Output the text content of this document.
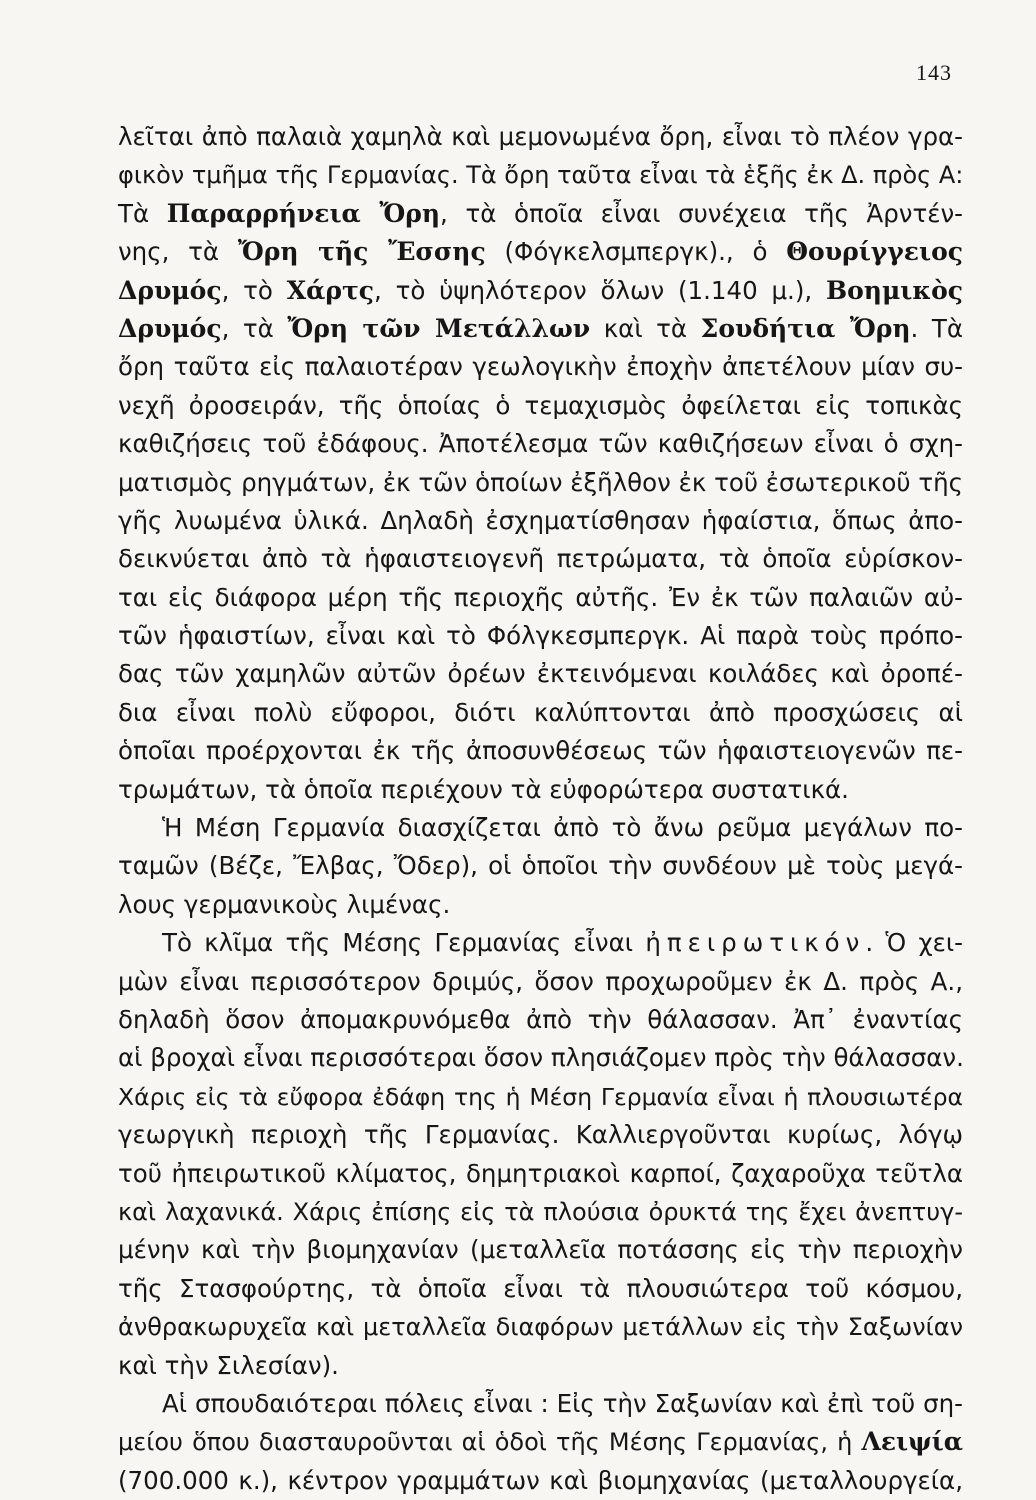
143
λεῖται ἀπὸ παλαιὰ χαμηλὰ καὶ μεμονωμένα ὄρη, εἶναι τὸ πλέον γρα-
φικὸν τμῆμα τῆς Γερμανίας. Τὰ ὄρη ταῦτα εἶναι τὰ ἑξῆς ἐκ Δ. πρὸς Α:
Τὰ Παραρρήνεια Ὄρη, τὰ ὁποῖα εἶναι συνέχεια τῆς Ἀρντέν-
νης, τὰ Ὄρη τῆς Ἔσσης (Φόγκελσμπεργκ)., ὁ Θουρίγγειος
Δρυμός, τὸ Χάρτς, τὸ ὑψηλότερον ὅλων (1.140 μ.), Βοημικὸς
Δρυμός, τὰ Ὄρη τῶν Μετάλλων καὶ τὰ Σουδήτια Ὄρη. Τὰ
ὄρη ταῦτα εἰς παλαιοτέραν γεωλογικὴν ἐποχὴν ἀπετέλουν μίαν συ-
νεχῆ ὀροσειράν, τῆς ὁποίας ὁ τεμαχισμὸς ὀφείλεται εἰς τοπικὰς
καθιζήσεις τοῦ ἐδάφους. Ἀποτέλεσμα τῶν καθιζήσεων εἶναι ὁ σχη-
ματισμὸς ρηγμάτων, ἐκ τῶν ὁποίων ἐξῆλθον ἐκ τοῦ ἐσωτερικοῦ τῆς
γῆς λυωμένα ὑλικά. Δηλαδὴ ἐσχηματίσθησαν ἡφαίστια, ὅπως ἀπο-
δεικνύεται ἀπὸ τὰ ἡφαιστειογενῆ πετρώματα, τὰ ὁποῖα εὑρίσκον-
ται εἰς διάφορα μέρη τῆς περιοχῆς αὐτῆς. Ἐν ἐκ τῶν παλαιῶν αὐ-
τῶν ἡφαιστίων, εἶναι καὶ τὸ Φόλγκεσμπεργκ. Αἱ παρὰ τοὺς πρόπο-
δας τῶν χαμηλῶν αὐτῶν ὀρέων ἐκτεινόμεναι κοιλάδες καὶ ὀροπέ-
δια εἶναι πολὺ εὔφοροι, διότι καλύπτονται ἀπὸ προσχώσεις αἱ
ὁποῖαι προέρχονται ἐκ τῆς ἀποσυνθέσεως τῶν ἡφαιστειογενῶν πε-
τρωμάτων, τὰ ὁποῖα περιέχουν τὰ εὐφορώτερα συστατικά.
Ἡ Μέση Γερμανία διασχίζεται ἀπὸ τὸ ἄνω ρεῦμα μεγάλων πο-
ταμῶν (Βέζε, Ἔλβας, Ὄδερ), οἱ ὁποῖοι τὴν συνδέουν μὲ τοὺς μεγά-
λους γερμανικοὺς λιμένας.
Τὸ κλῖμα τῆς Μέσης Γερμανίας εἶναι ἠπειρωτικόν. Ὁ χει-
μὼν εἶναι περισσότερον δριμύς, ὅσον προχωροῦμεν ἐκ Δ. πρὸς Α.,
δηλαδὴ ὅσον ἀπομακρυνόμεθα ἀπὸ τὴν θάλασσαν. Ἀπ᾽ ἐναντίας
αἱ βροχαὶ εἶναι περισσότεραι ὅσον πλησιάζομεν πρὸς τὴν θάλασσαν.
Χάρις εἰς τὰ εὔφορα ἐδάφη της ἡ Μέση Γερμανία εἶναι ἡ πλουσιωτέρα
γεωργικὴ περιοχὴ τῆς Γερμανίας. Καλλιεργοῦνται κυρίως, λόγῳ
τοῦ ἠπειρωτικοῦ κλίματος, δημητριακοὶ καρποί, ζαχαροῦχα τεῦτλα
καὶ λαχανικά. Χάρις ἐπίσης εἰς τὰ πλούσια ὀρυκτά της ἔχει ἀνεπτυγ-
μένην καὶ τὴν βιομηχανίαν (μεταλλεῖα ποτάσσης εἰς τὴν περιοχὴν
τῆς Στασφούρτης, τὰ ὁποῖα εἶναι τὰ πλουσιώτερα τοῦ κόσμου,
ἀνθρακωρυχεῖα καὶ μεταλλεῖα διαφόρων μετάλλων εἰς τὴν Σαξωνίαν
καὶ τὴν Σιλεσίαν).
Αἱ σπουδαιότεραι πόλεις εἶναι : Εἰς τὴν Σαξωνίαν καὶ ἐπὶ τοῦ ση-
μείου ὅπου διασταυροῦνται αἱ ὁδοὶ τῆς Μέσης Γερμανίας, ἡ Λειψία
(700.000 κ.), κέντρον γραμμάτων καὶ βιομηχανίας (μεταλλουργεία,
